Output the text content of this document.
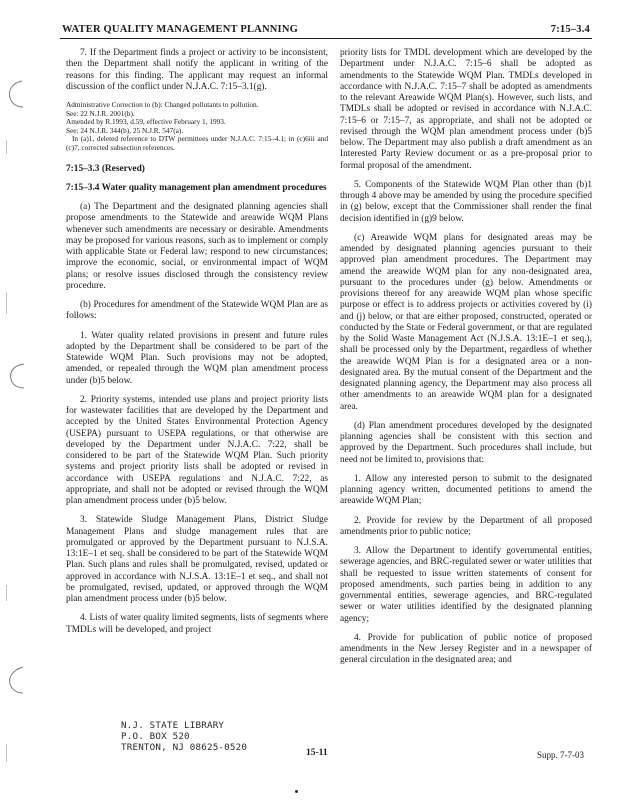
WATER QUALITY MANAGEMENT PLANNING	7:15–3.4

7. If the Department finds a project or activity to be inconsistent, then the Department shall notify the applicant in writing of the reasons for this finding. The applicant may request an informal discussion of the conflict under N.J.A.C. 7:15–3.1(g).

Administrative Correction to (b): Changed pollutants to pollution.

See: 22 N.J.R. 2001(b).

Amended by R.1993, d.59, effective February 1, 1993.

See: 24 N.J.R. 344(b), 25 N.J.R. 547(a).

In (a)1, deleted reference to DTW permittees under N.J.A.C. 7:15–4.1; in (c)6iii and (c)7, corrected subsection references.

7:15–3.3 (Reserved)
7:15–3.4 Water quality management plan amendment procedures

(a) The Department and the designated planning agencies shall propose amendments to the Statewide and areawide WQM Plans whenever such amendments are necessary or desirable. Amendments may be proposed for various reasons, such as to implement or comply with applicable State or Federal law; respond to new circumstances; improve the economic, social, or environmental impact of WQM plans; or resolve issues disclosed through the consistency review procedure.

(b) Procedures for amendment of the Statewide WQM Plan are as follows:

1. Water quality related provisions in present and future rules adopted by the Department shall be considered to be part of the Statewide WQM Plan. Such provisions may not be adopted, amended, or repealed through the WQM plan amendment process under (b)5 below.

2. Priority systems, intended use plans and project priority lists for wastewater facilities that are developed by the Department and accepted by the United States Environmental Protection Agency (USEPA) pursuant to USEPA regulations, or that otherwise are developed by the Department under N.J.A.C. 7:22, shall be considered to be part of the Statewide WQM Plan. Such priority systems and project priority lists shall be adopted or revised in accordance with USEPA regulations and N.J.A.C. 7:22, as appropriate, and shall not be adopted or revised through the WQM plan amendment process under (b)5 below.

3. Statewide Sludge Management Plans, District Sludge Management Plans and sludge management rules that are promulgated or approved by the Department pursuant to N.J.S.A. 13:1E–1 et seq. shall be considered to be part of the Statewide WQM Plan. Such plans and rules shall be promulgated, revised, updated or approved in accordance with N.J.S.A. 13:1E–1 et seq., and shall not be promulgated, revised, updated, or approved through the WQM plan amendment process under (b)5 below.

4. Lists of water quality limited segments, lists of segments where TMDLs will be developed, and project

priority lists for TMDL development which are developed by the Department under N.J.A.C. 7:15–6 shall be adopted as amendments to the Statewide WQM Plan. TMDLs developed in accordance with N.J.A.C. 7:15–7 shall be adopted as amendments to the relevant Areawide WQM Plan(s). However, such lists, and TMDLs shall be adopted or revised in accordance with N.J.A.C. 7:15–6 or 7:15–7, as appropriate, and shall not be adopted or revised through the WQM plan amendment process under (b)5 below. The Department may also publish a draft amendment as an Interested Party Review document or as a pre-proposal prior to formal proposal of the amendment.

5. Components of the Statewide WQM Plan other than (b)1 through 4 above may be amended by using the procedure specified in (g) below, except that the Commissioner shall render the final decision identified in (g)9 below.

(c) Areawide WQM plans for designated areas may be amended by designated planning agencies pursuant to their approved plan amendment procedures. The Department may amend the areawide WQM plan for any non-designated area, pursuant to the procedures under (g) below. Amendments or provisions thereof for any areawide WQM plan whose specific purpose or effect is to address projects or activities covered by (i) and (j) below, or that are either proposed, constructed, operated or conducted by the State or Federal government, or that are regulated by the Solid Waste Management Act (N.J.S.A. 13:1E–1 et seq.), shall be processed only by the Department, regardless of whether the areawide WQM Plan is for a designated area or a non-designated area. By the mutual consent of the Department and the designated planning agency, the Department may also process all other amendments to an areawide WQM plan for a designated area.

(d) Plan amendment procedures developed by the designated planning agencies shall be consistent with this section and approved by the Department. Such procedures shall include, but need not be limited to, provisions that:

1. Allow any interested person to submit to the designated planning agency written, documented petitions to amend the areawide WQM Plan;

2. Provide for review by the Department of all proposed amendments prior to public notice;

3. Allow the Department to identify governmental entities, sewerage agencies, and BRC-regulated sewer or water utilities that shall be requested to issue written statements of consent for proposed amendments, such parties being in addition to any governmental entities, sewerage agencies, and BRC-regulated sewer or water utilities identified by the designated planning agency;

4. Provide for publication of public notice of proposed amendments in the New Jersey Register and in a newspaper of general circulation in the designated area; and

N.J. STATE LIBRARY
P.O. BOX 520
TRENTON, NJ 08625-0520	15-11	Supp. 7-7-03
